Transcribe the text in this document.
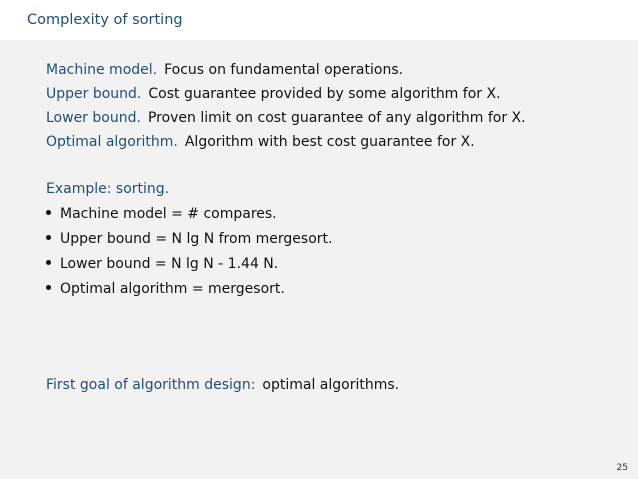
Complexity of sorting
Machine model. Focus on fundamental operations.
Upper bound. Cost guarantee provided by some algorithm for X.
Lower bound. Proven limit on cost guarantee of any algorithm for X.
Optimal algorithm. Algorithm with best cost guarantee for X.
Example: sorting.
Machine model = # compares.
Upper bound = N lg N from mergesort.
Lower bound = N lg N - 1.44 N.
Optimal algorithm = mergesort.
First goal of algorithm design: optimal algorithms.
25
